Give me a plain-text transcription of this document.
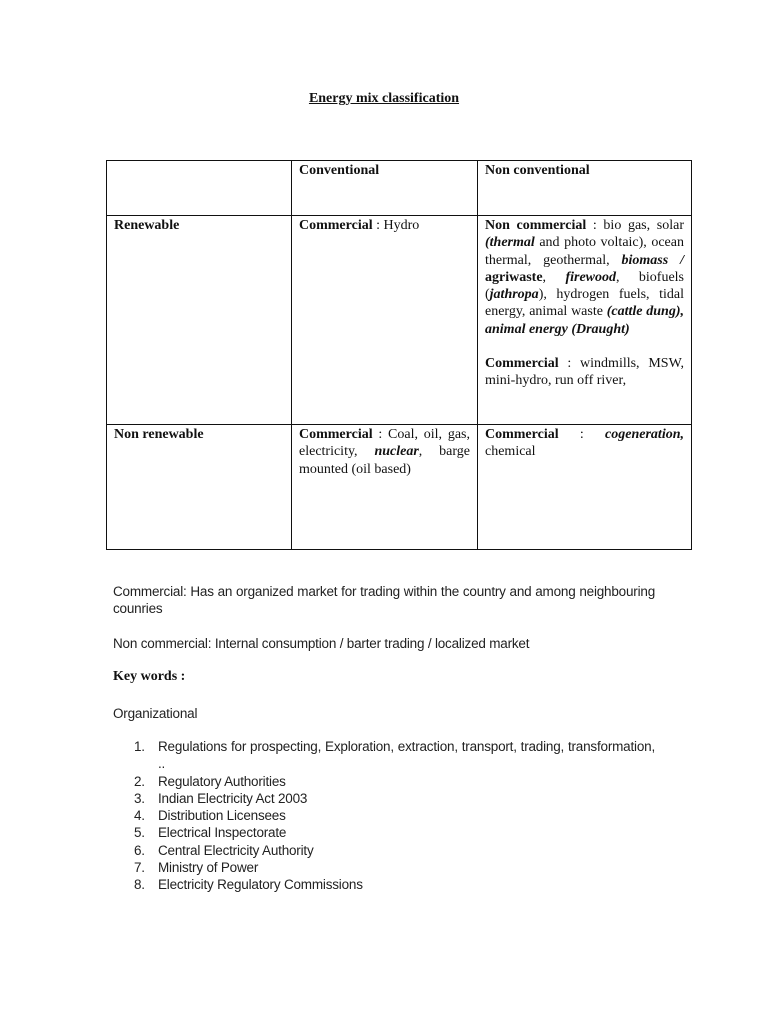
Energy mix classification

	Conventional	Non conventional

Renewable	Commercial : Hydro	Non commercial : bio gas, solar (thermal and photo voltaic), ocean thermal, geothermal, biomass / agriwaste, firewood, biofuels (jathropa), hydrogen fuels, tidal energy, animal waste (cattle dung), animal energy (Draught)
Commercial : windmills, MSW, mini-hydro, run off river,

Non renewable	Commercial : Coal, oil, gas, electricity, nuclear, barge mounted (oil based)	Commercial : cogeneration, chemical

Commercial: Has an organized market for trading within the country and among neighbouring counries

Non commercial: Internal consumption / barter trading / localized market

Key words :

Organizational

1. Regulations for prospecting, Exploration, extraction, transport, trading, transformation, ..
2. Regulatory Authorities
3. Indian Electricity Act 2003
4. Distribution Licensees
5. Electrical Inspectorate
6. Central Electricity Authority
7. Ministry of Power
8. Electricity Regulatory Commissions
